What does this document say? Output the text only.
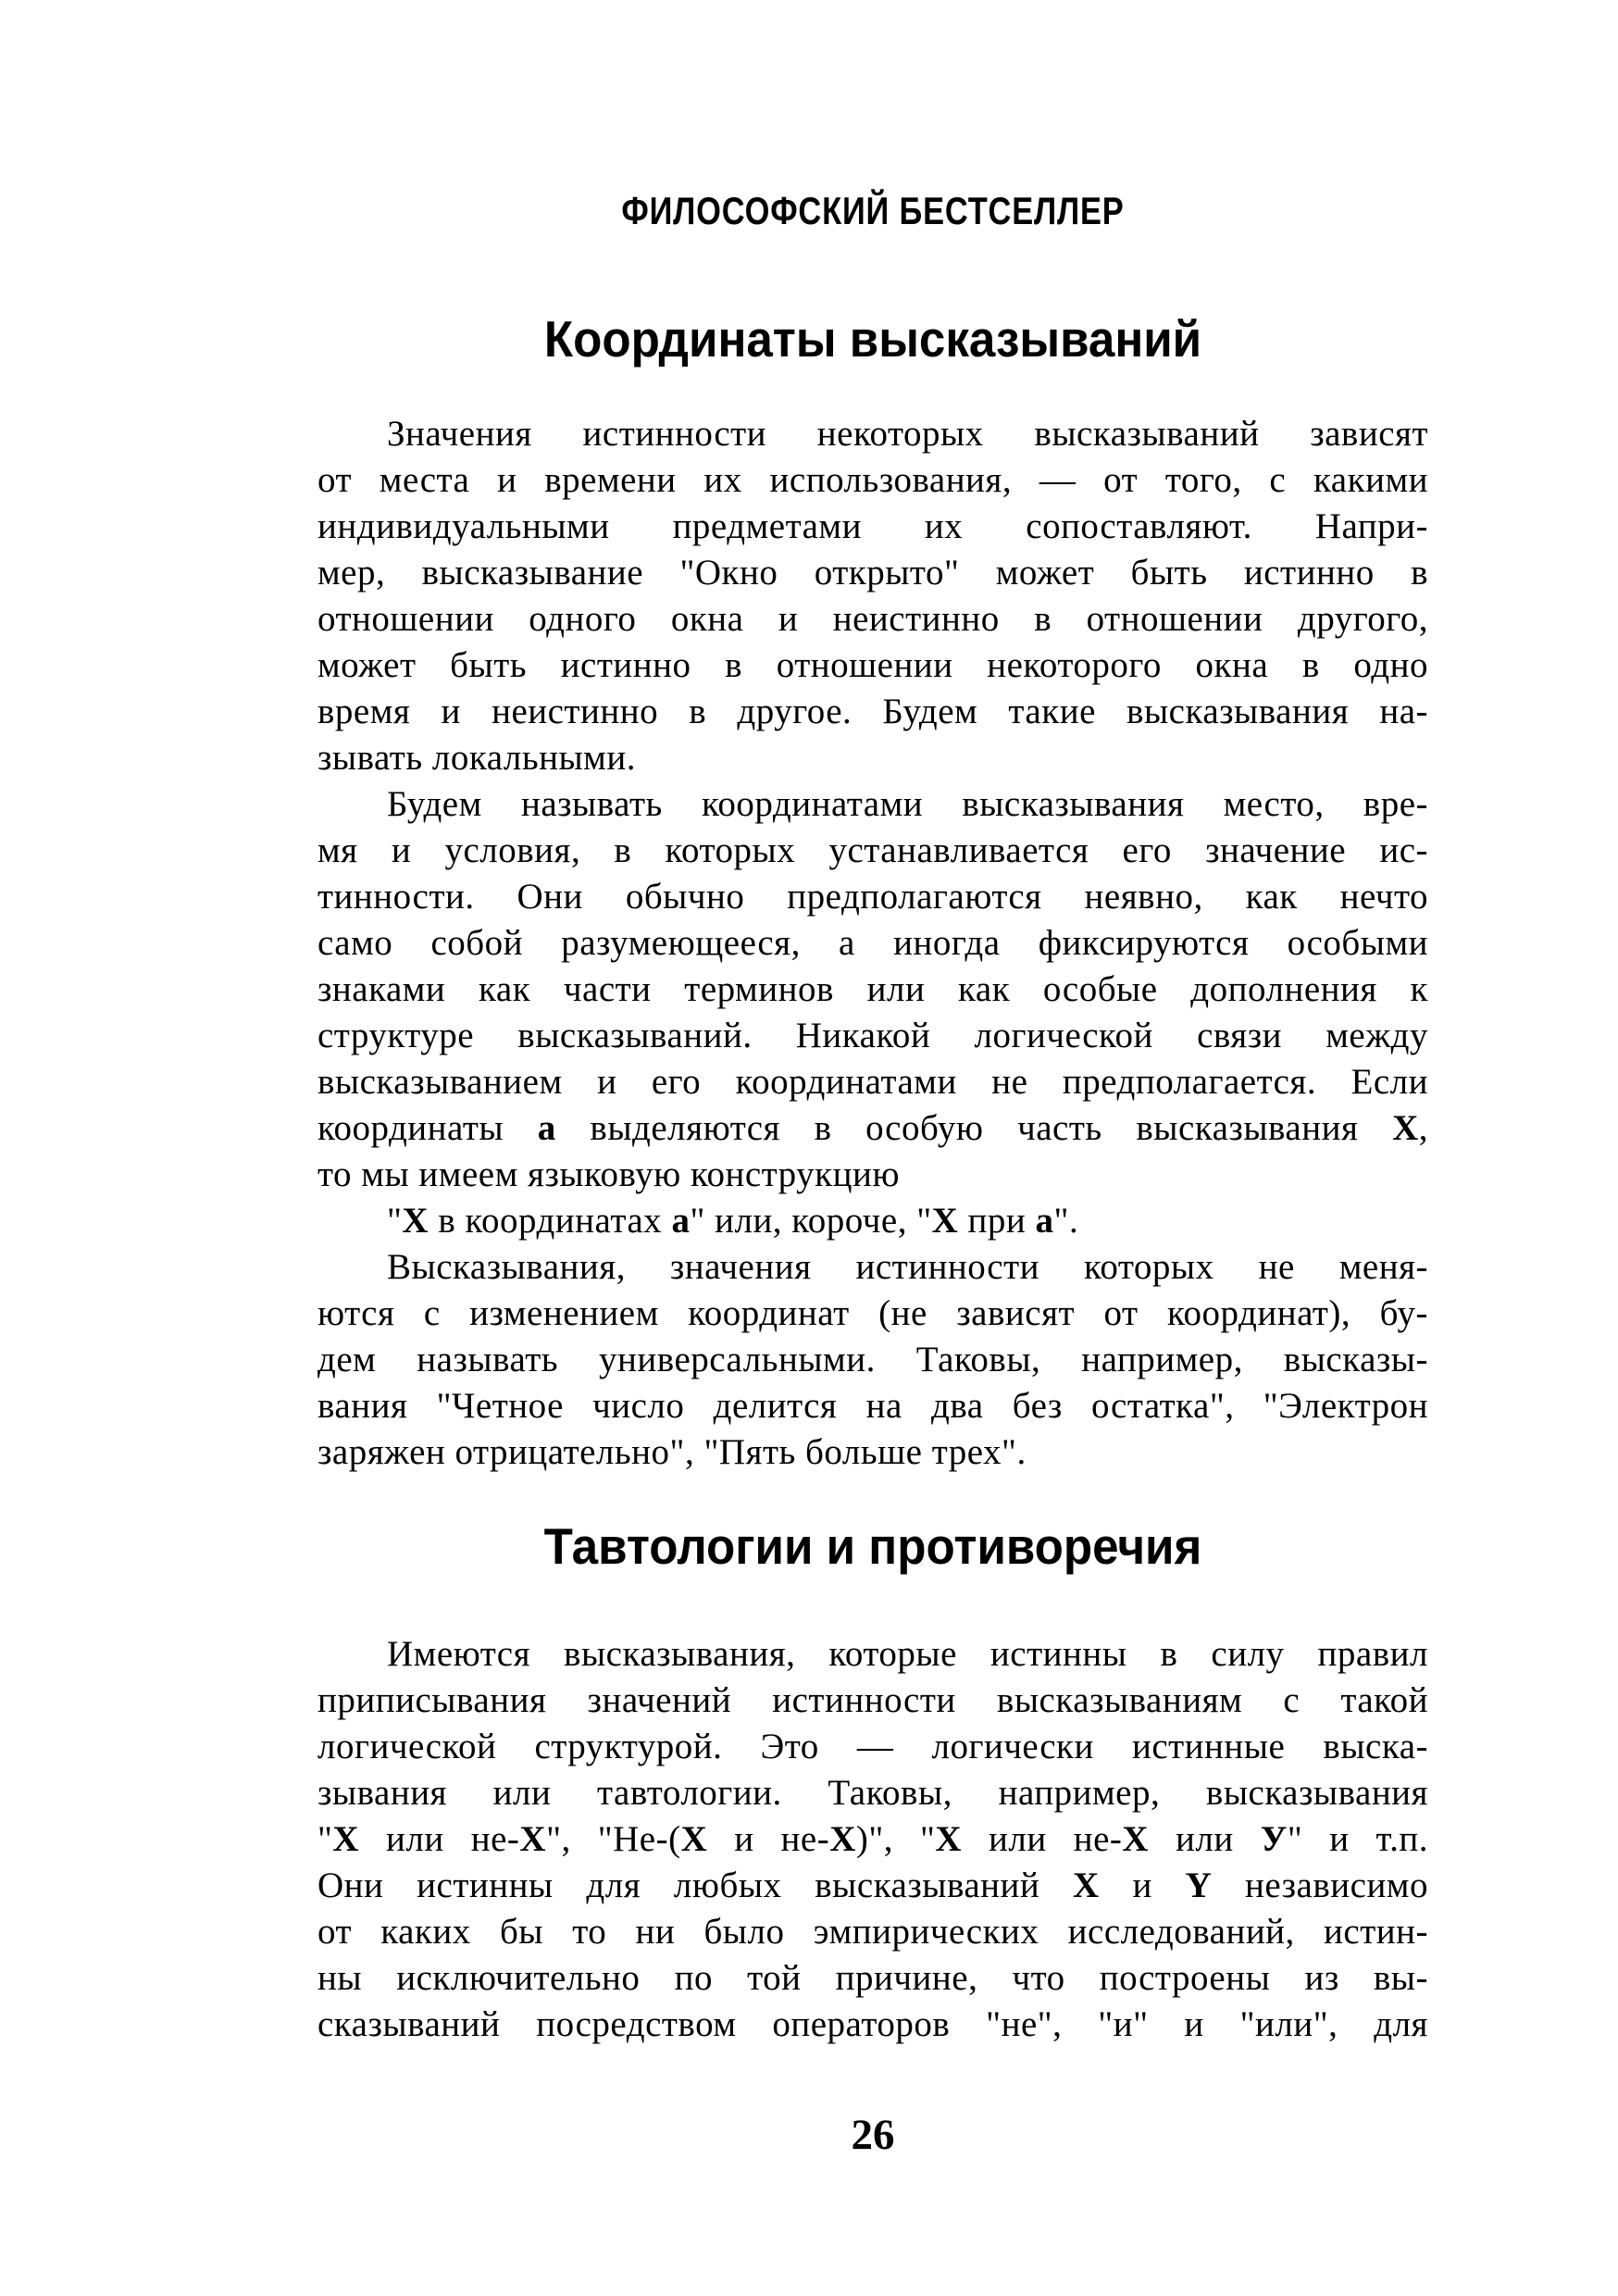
ФИЛОСОФСКИЙ БЕСТСЕЛЛЕР
Координаты высказываний
Значения истинности некоторых высказываний зависят
от места и времени их использования, — от того, с какими
индивидуальными предметами их сопоставляют. Напри-
мер, высказывание "Окно открыто" может быть истинно в
отношении одного окна и неистинно в отношении другого,
может быть истинно в отношении некоторого окна в одно
время и неистинно в другое. Будем такие высказывания на-
зывать локальными.
Будем называть координатами высказывания место, вре-
мя и условия, в которых устанавливается его значение ис-
тинности. Они обычно предполагаются неявно, как нечто
само собой разумеющееся, а иногда фиксируются особыми
знаками как части терминов или как особые дополнения к
структуре высказываний. Никакой логической связи между
высказыванием и его координатами не предполагается. Если
координаты а выделяются в особую часть высказывания X,
то мы имеем языковую конструкцию
"X в координатах а" или, короче, "X при а".
Высказывания, значения истинности которых не меня-
ются с изменением координат (не зависят от координат), бу-
дем называть универсальными. Таковы, например, высказы-
вания "Четное число делится на два без остатка", "Электрон
заряжен отрицательно", "Пять больше трех".
Тавтологии и противоречия
Имеются высказывания, которые истинны в силу правил
приписывания значений истинности высказываниям с такой
логической структурой. Это — логически истинные выска-
зывания или тавтологии. Таковы, например, высказывания
"X или не-X", "Не-(X и не-X)", "X или не-X или У" и т.п.
Они истинны для любых высказываний X и Y независимо
от каких бы то ни было эмпирических исследований, истин-
ны исключительно по той причине, что построены из вы-
сказываний посредством операторов "не", "и" и "или", для
26
